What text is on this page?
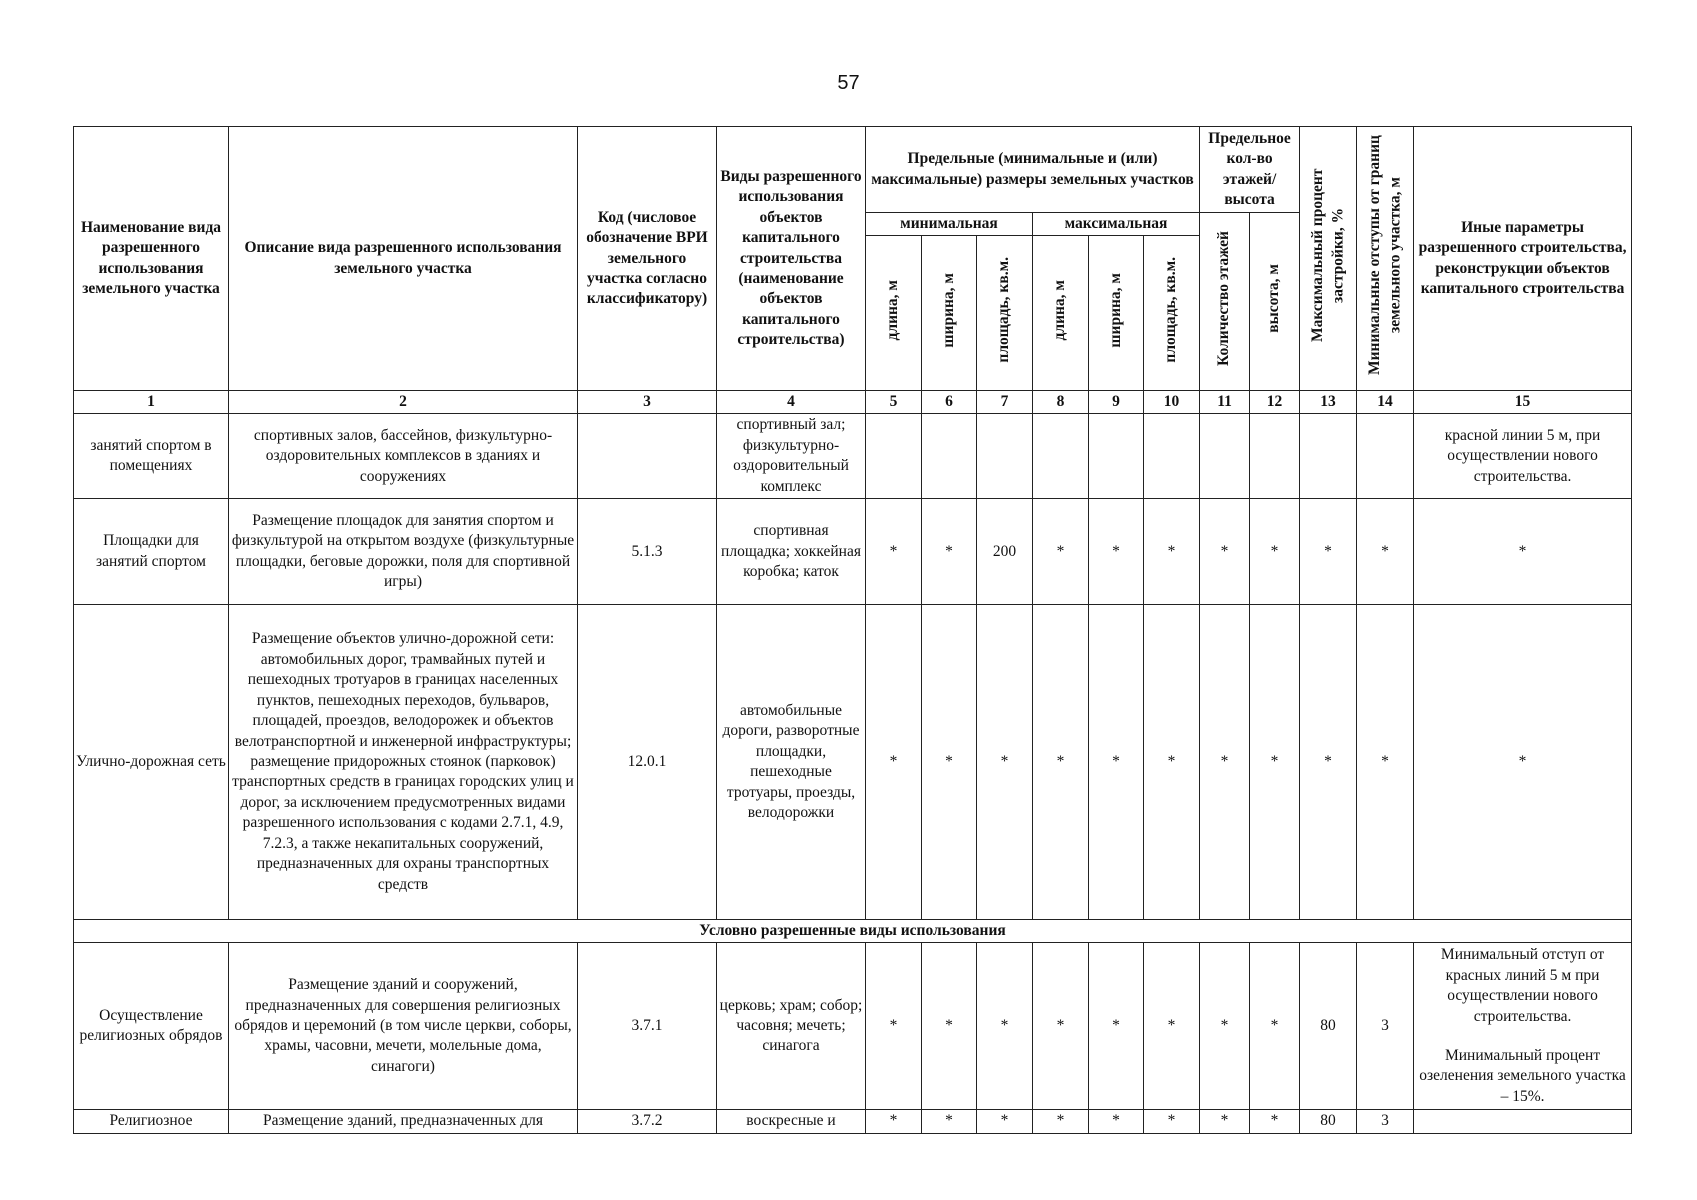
57
Наименование вида разрешенного использования земельного участка	Описание вида разрешенного использования земельного участка	Код (числовое обозначение ВРИ земельного участка согласно классификатору)	Виды разрешенного использования объектов капитального строительства (наименование объектов капитального строительства)	Предельные (минимальные и (или) максимальные) размеры земельных участков						Предельное кол-во этажей/ высота		Максимальный процент застройки, %	Минимальные отступы от границ земельного участка, м	Иные параметры разрешенного строительства, реконструкции объектов капитального строительства
				минимальная			максимальная			Количество этажей	высота, м			
				длина, м	ширина, м	площадь, кв.м.	длина, м	ширина, м	площадь, кв.м.					
1	2	3	4	5	6	7	8	9	10	11	12	13	14	15
занятий спортом в помещениях	спортивных залов, бассейнов, физкультурно-оздоровительных комплексов в зданиях и сооружениях		спортивный зал; физкультурно-оздоровительный комплекс											красной линии 5 м, при осуществлении нового строительства.
Площадки для занятий спортом	Размещение площадок для занятия спортом и физкультурой на открытом воздухе (физкультурные площадки, беговые дорожки, поля для спортивной игры)	5.1.3	спортивная площадка; хоккейная коробка; каток	*	*	200	*	*	*	*	*	*	*	*
Улично-дорожная сеть	Размещение объектов улично-дорожной сети: автомобильных дорог, трамвайных путей и пешеходных тротуаров в границах населенных пунктов, пешеходных переходов, бульваров, площадей, проездов, велодорожек и объектов велотранспортной и инженерной инфраструктуры; размещение придорожных стоянок (парковок) транспортных средств в границах городских улиц и дорог, за исключением предусмотренных видами разрешенного использования с кодами 2.7.1, 4.9, 7.2.3, а также некапитальных сооружений, предназначенных для охраны транспортных средств	12.0.1	автомобильные дороги, разворотные площадки, пешеходные тротуары, проезды, велодорожки	*	*	*	*	*	*	*	*	*	*	*
Условно разрешенные виды использования														
Осуществление религиозных обрядов	Размещение зданий и сооружений, предназначенных для совершения религиозных обрядов и церемоний (в том числе церкви, соборы, храмы, часовни, мечети, молельные дома, синагоги)	3.7.1	церковь; храм; собор; часовня; мечеть; синагога	*	*	*	*	*	*	*	*	80	3	Минимальный отступ от красных линий 5 м при осуществлении нового строительства.
Минимальный процент озеленения земельного участка – 15%.

Религиозное	Размещение зданий, предназначенных для	3.7.2	воскресные и	*	*	*	*	*	*	*	*	80	3	
